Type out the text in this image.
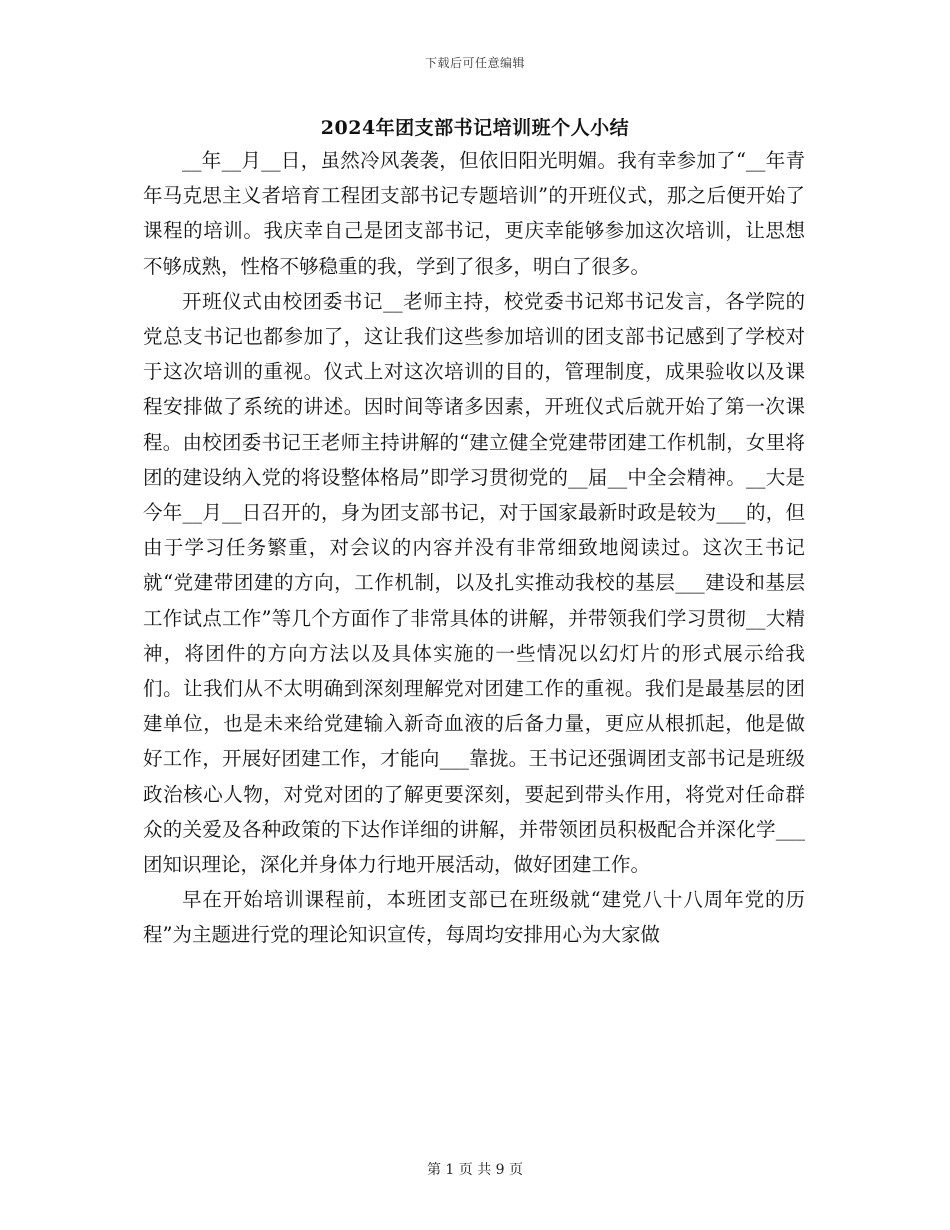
下载后可任意编辑
2024年团支部书记培训班个人小结

__年__月__日，虽然冷风袭袭，但依旧阳光明媚。我有幸参加了“__年青年马克思主义者培育工程团支部书记专题培训”的开班仪式，那之后便开始了课程的培训。我庆幸自己是团支部书记，更庆幸能够参加这次培训，让思想不够成熟，性格不够稳重的我，学到了很多，明白了很多。

开班仪式由校团委书记__老师主持，校党委书记郑书记发言，各学院的党总支书记也都参加了，这让我们这些参加培训的团支部书记感到了学校对于这次培训的重视。仪式上对这次培训的目的，管理制度，成果验收以及课程安排做了系统的讲述。因时间等诸多因素，开班仪式后就开始了第一次课程。由校团委书记王老师主持讲解的“建立健全党建带团建工作机制，女里将团的建设纳入党的将设整体格局”即学习贯彻党的__届__中全会精神。__大是今年__月__日召开的，身为团支部书记，对于国家最新时政是较为___的，但由于学习任务繁重，对会议的内容并没有非常细致地阅读过。这次王书记就“党建带团建的方向，工作机制，以及扎实推动我校的基层___建设和基层工作试点工作”等几个方面作了非常具体的讲解，并带领我们学习贯彻__大精神，将团件的方向方法以及具体实施的一些情况以幻灯片的形式展示给我们。让我们从不太明确到深刻理解党对团建工作的重视。我们是最基层的团建单位，也是未来给党建输入新奇血液的后备力量，更应从根抓起，他是做好工作，开展好团建工作，才能向___靠拢。王书记还强调团支部书记是班级政治核心人物，对党对团的了解更要深刻，要起到带头作用，将党对任命群众的关爱及各种政策的下达作详细的讲解，并带领团员积极配合并深化学___团知识理论，深化并身体力行地开展活动，做好团建工作。

早在开始培训课程前，本班团支部已在班级就“建党八十八周年党的历程”为主题进行党的理论知识宣传，每周均安排用心为大家做

第 1 页 共 9 页
